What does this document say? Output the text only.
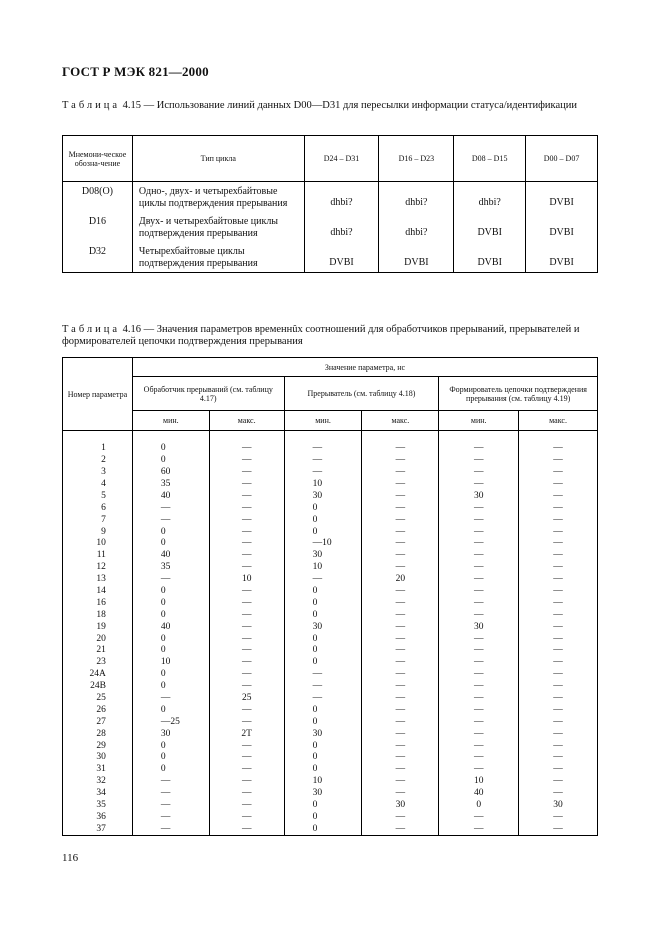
ГОСТ Р МЭК 821—2000
Таблица 4.15 — Использование линий данных D00—D31 для пересылки информации статуса/идентификации
Мнемони-ческое обозна-чение	Тип цикла	D24 – D31	D16 – D23	D08 – D15	D00 – D07
D08(O)	Одно-, двух- и четырехбайтовые циклы подтверждения прерывания	dhbi?	dhbi?	dhbi?	DVBI
D16	Двух- и четырехбайтовые циклы подтверждения прерывания	dhbi?	dhbi?	DVBI	DVBI
D32	Четырехбайтовые циклы подтверждения прерывания	DVBI	DVBI	DVBI	DVBI
Таблица 4.16 — Значения параметров временнûх соотношений для обработчиков прерываний, прерывателей и формирователей цепочки подтверждения прерывания
Номер параметра	Значение параметра, нс					
	Обработчик прерываний (см. таблицу 4.17)		Прерыватель (см. таблицу 4.18)		Формирователь цепочки подтверждения прерывания (см. таблицу 4.19)	
	мин.	макс.	мин.	макс.	мин.	макс.

1	0	—	—	—	—	—
2	0	—	—	—	—	—
3	60	—	—	—	—	—
4	35	—	10	—	—	—
5	40	—	30	—	30	—
6	—	—	0	—	—	—
7	—	—	0	—	—	—
9	0	—	0	—	—	—
10	0	—	—10	—	—	—
11	40	—	30	—	—	—
12	35	—	10	—	—	—
13	—	10	—	20	—	—
14	0	—	0	—	—	—
16	0	—	0	—	—	—
18	0	—	0	—	—	—
19	40	—	30	—	30	—
20	0	—	0	—	—	—
21	0	—	0	—	—	—
23	10	—	0	—	—	—
24A	0	—	—	—	—	—
24B	0	—	—	—	—	—
25	—	25	—	—	—	—
26	0	—	0	—	—	—
27	—25	—	0	—	—	—
28	30	2T	30	—	—	—
29	0	—	0	—	—	—
30	0	—	0	—	—	—
31	0	—	0	—	—	—
32	—	—	10	—	10	—
34	—	—	30	—	40	—
35	—	—	0	30	0	30
36	—	—	0	—	—	—
37	—	—	0	—	—	—
116
